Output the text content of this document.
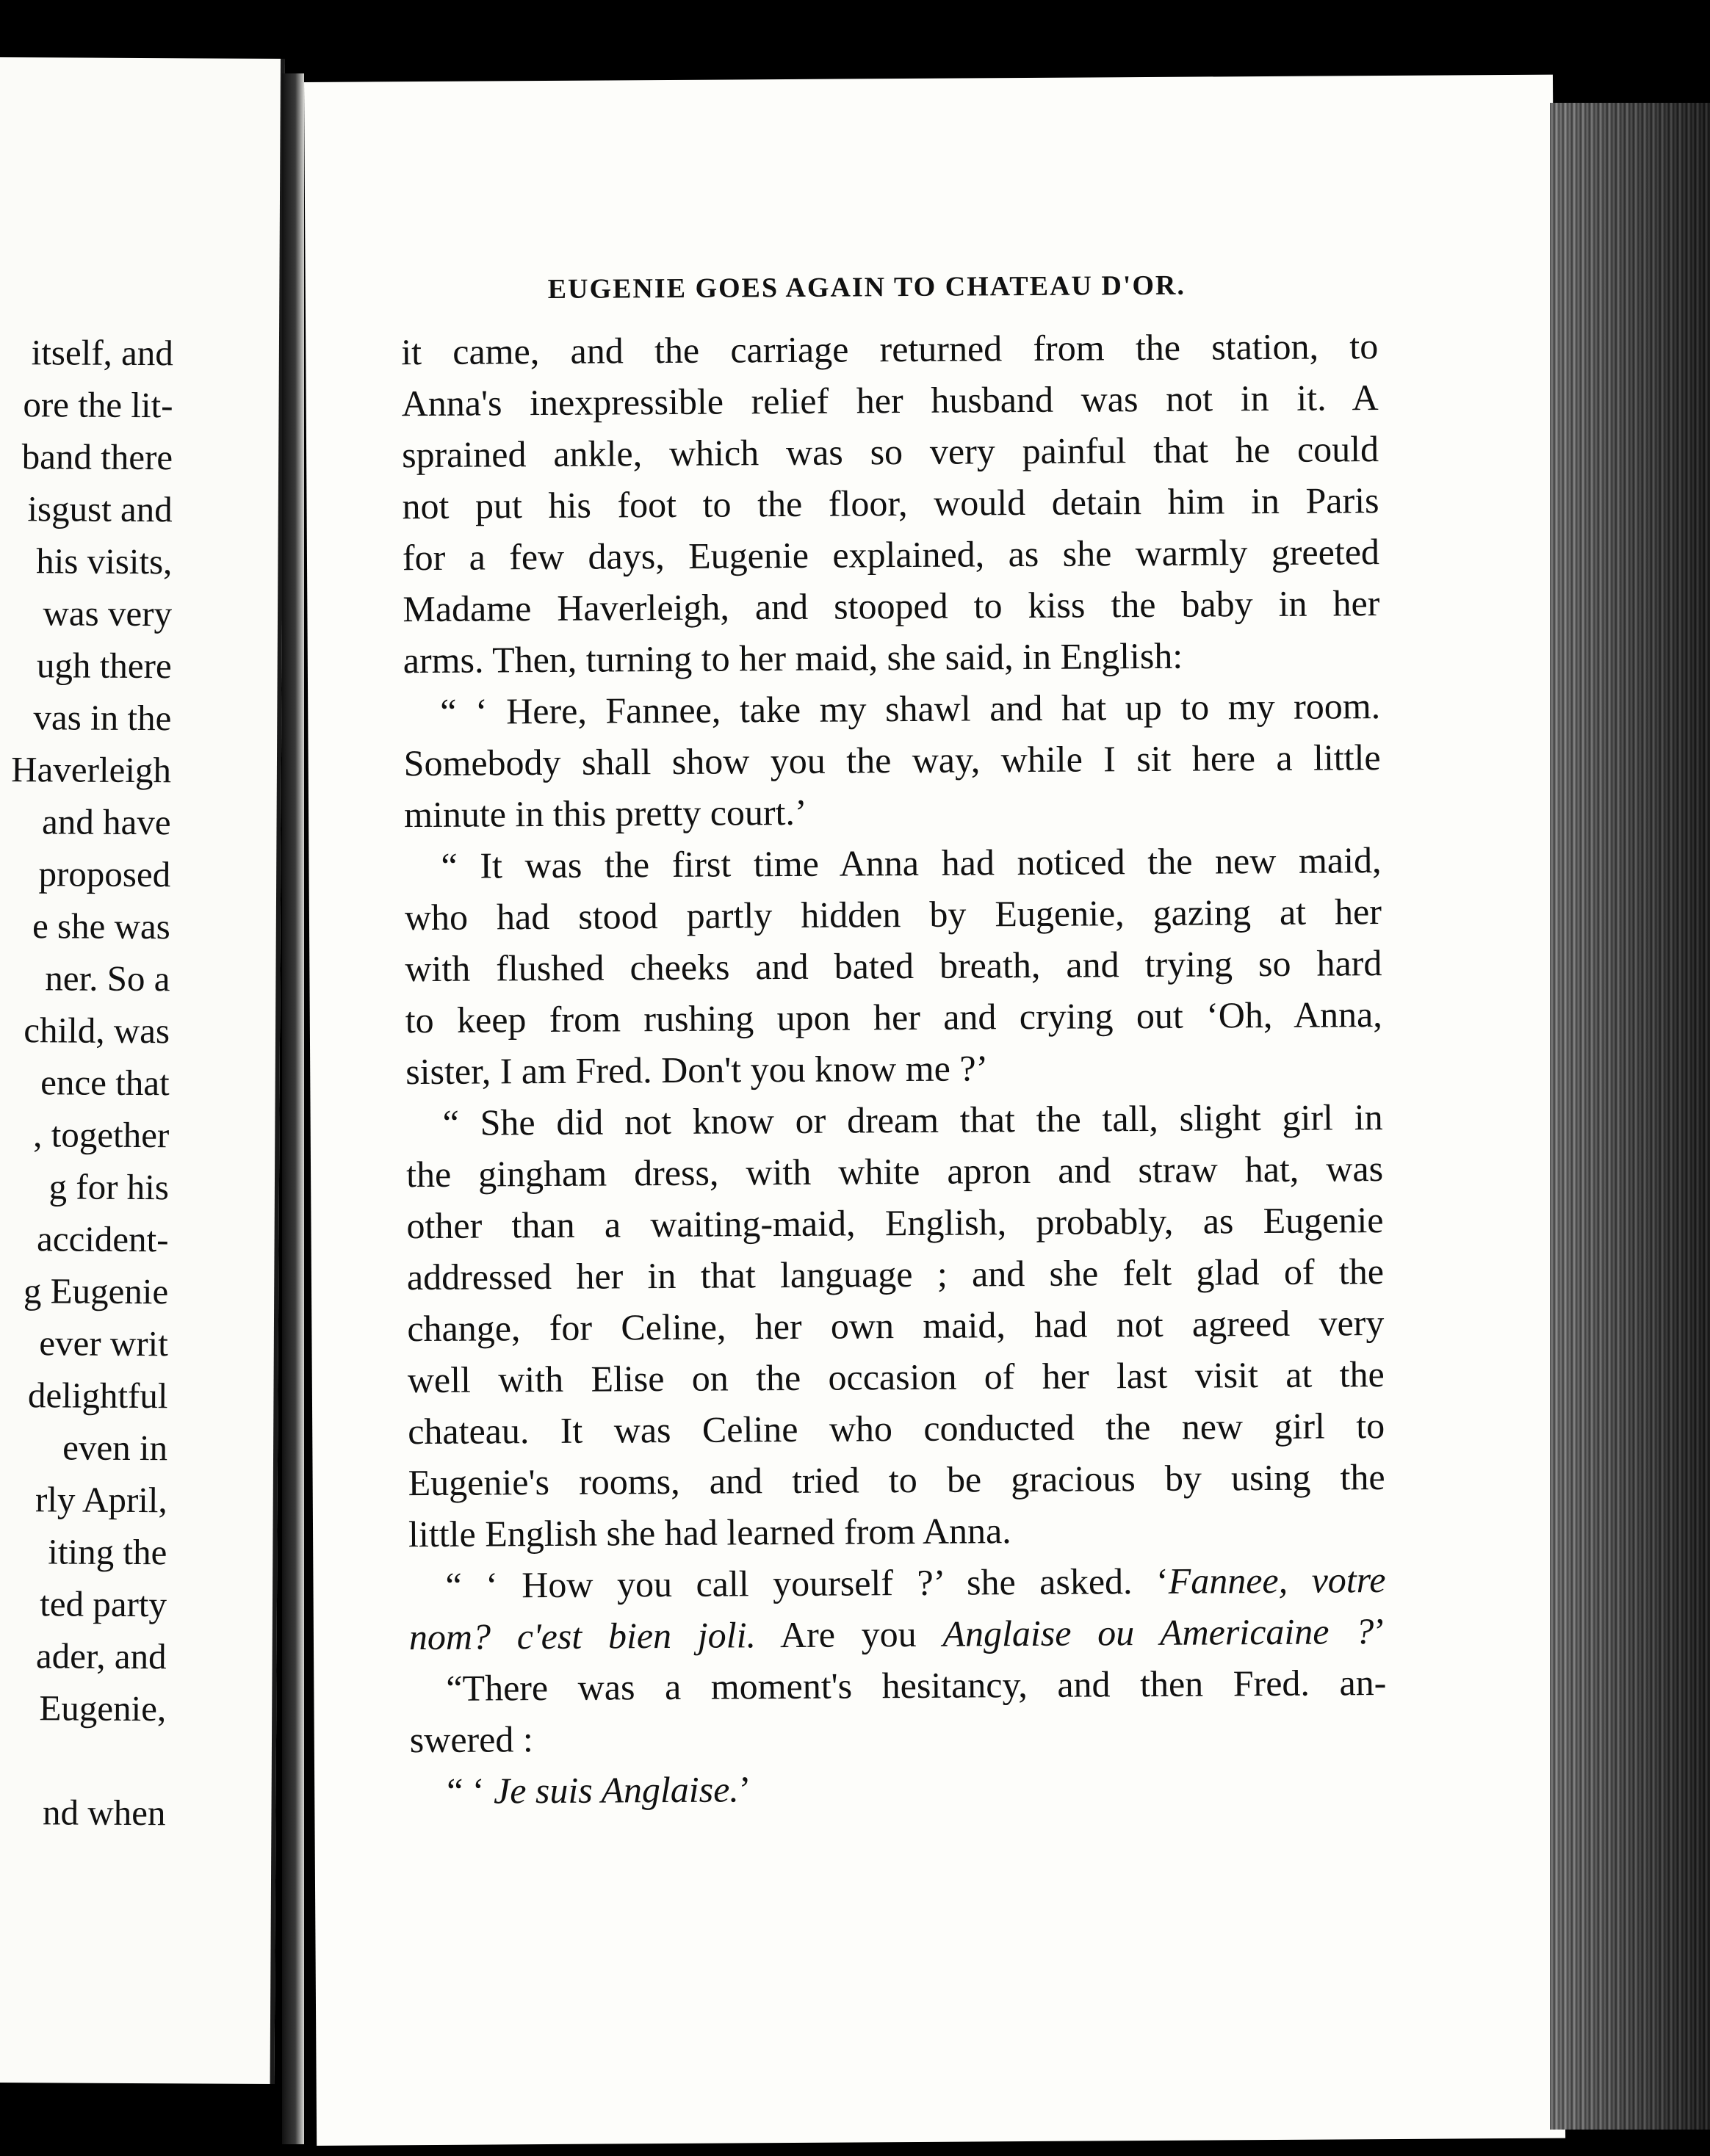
itself, and
ore the lit-
band there
isgust and
his visits,
was very
ugh there
vas in the
Haverleigh
and have
proposed
e she was
ner. So a
child, was
ence that
, together
g for his
accident-
g Eugenie
ever writ
delightful
even in
rly April,
iting the
ted party
ader, and
Eugenie,
nd when
EUGENIE GOES AGAIN TO CHATEAU D'OR.
it came, and the carriage returned from the station, to
Anna's inexpressible relief her husband was not in it. A
sprained ankle, which was so very painful that he could
not put his foot to the floor, would detain him in Paris
for a few days, Eugenie explained, as she warmly greeted
Madame Haverleigh, and stooped to kiss the baby in her
arms. Then, turning to her maid, she said, in English:
“ ‘ Here, Fannee, take my shawl and hat up to my room.
Somebody shall show you the way, while I sit here a little
minute in this pretty court.’
“ It was the first time Anna had noticed the new maid,
who had stood partly hidden by Eugenie, gazing at her
with flushed cheeks and bated breath, and trying so hard
to keep from rushing upon her and crying out ‘Oh, Anna,
sister, I am Fred. Don't you know me ?’
“ She did not know or dream that the tall, slight girl in
the gingham dress, with white apron and straw hat, was
other than a waiting-maid, English, probably, as Eugenie
addressed her in that language ; and she felt glad of the
change, for Celine, her own maid, had not agreed very
well with Elise on the occasion of her last visit at the
chateau. It was Celine who conducted the new girl to
Eugenie's rooms, and tried to be gracious by using the
little English she had learned from Anna.
“ ‘ How you call yourself ?’ she asked. ‘Fannee, votre
nom? c'est bien joli. Are you Anglaise ou Americaine ?’
“There was a moment's hesitancy, and then Fred. an-
swered :
“ ‘ Je suis Anglaise.’
